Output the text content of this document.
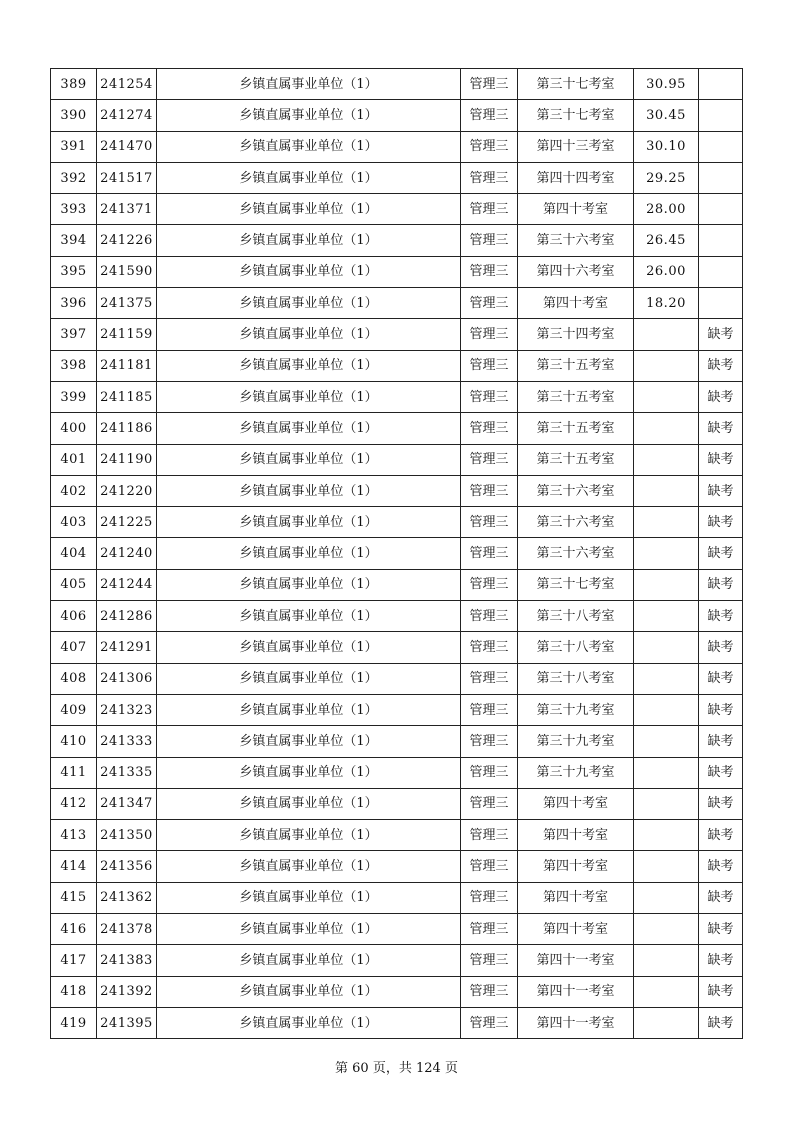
389	241254	乡镇直属事业单位（1）	管理三	第三十七考室	30.95	
390	241274	乡镇直属事业单位（1）	管理三	第三十七考室	30.45	
391	241470	乡镇直属事业单位（1）	管理三	第四十三考室	30.10	
392	241517	乡镇直属事业单位（1）	管理三	第四十四考室	29.25	
393	241371	乡镇直属事业单位（1）	管理三	第四十考室	28.00	
394	241226	乡镇直属事业单位（1）	管理三	第三十六考室	26.45	
395	241590	乡镇直属事业单位（1）	管理三	第四十六考室	26.00	
396	241375	乡镇直属事业单位（1）	管理三	第四十考室	18.20	
397	241159	乡镇直属事业单位（1）	管理三	第三十四考室		缺考
398	241181	乡镇直属事业单位（1）	管理三	第三十五考室		缺考
399	241185	乡镇直属事业单位（1）	管理三	第三十五考室		缺考
400	241186	乡镇直属事业单位（1）	管理三	第三十五考室		缺考
401	241190	乡镇直属事业单位（1）	管理三	第三十五考室		缺考
402	241220	乡镇直属事业单位（1）	管理三	第三十六考室		缺考
403	241225	乡镇直属事业单位（1）	管理三	第三十六考室		缺考
404	241240	乡镇直属事业单位（1）	管理三	第三十六考室		缺考
405	241244	乡镇直属事业单位（1）	管理三	第三十七考室		缺考
406	241286	乡镇直属事业单位（1）	管理三	第三十八考室		缺考
407	241291	乡镇直属事业单位（1）	管理三	第三十八考室		缺考
408	241306	乡镇直属事业单位（1）	管理三	第三十八考室		缺考
409	241323	乡镇直属事业单位（1）	管理三	第三十九考室		缺考
410	241333	乡镇直属事业单位（1）	管理三	第三十九考室		缺考
411	241335	乡镇直属事业单位（1）	管理三	第三十九考室		缺考
412	241347	乡镇直属事业单位（1）	管理三	第四十考室		缺考
413	241350	乡镇直属事业单位（1）	管理三	第四十考室		缺考
414	241356	乡镇直属事业单位（1）	管理三	第四十考室		缺考
415	241362	乡镇直属事业单位（1）	管理三	第四十考室		缺考
416	241378	乡镇直属事业单位（1）	管理三	第四十考室		缺考
417	241383	乡镇直属事业单位（1）	管理三	第四十一考室		缺考
418	241392	乡镇直属事业单位（1）	管理三	第四十一考室		缺考
419	241395	乡镇直属事业单位（1）	管理三	第四十一考室		缺考
第 60 页，共 124 页
